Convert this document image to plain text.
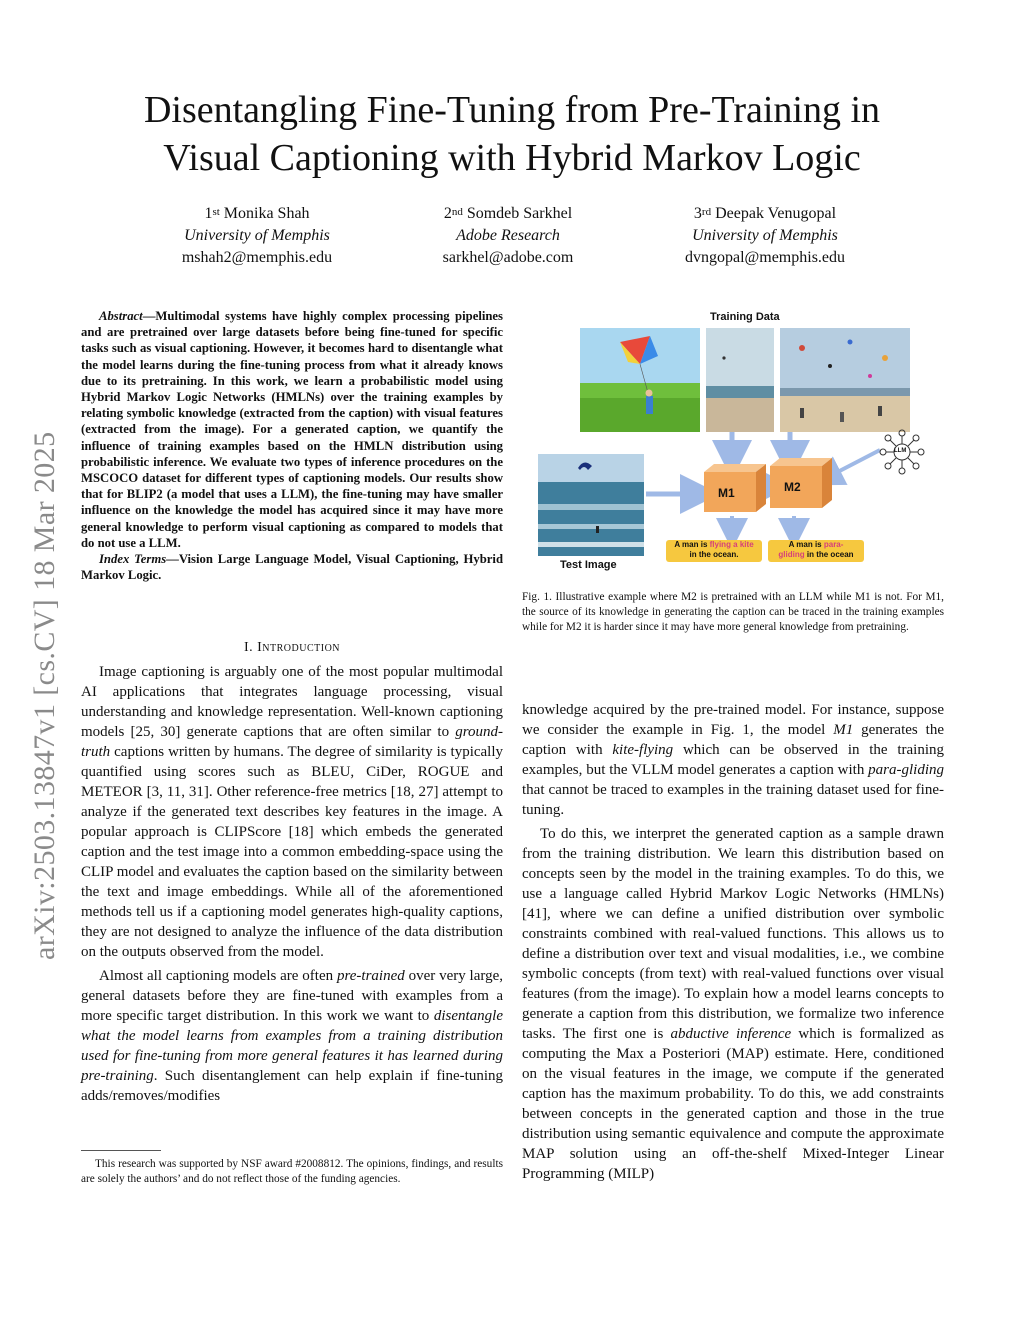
arXiv:2503.13847v1 [cs.CV] 18 Mar 2025
Disentangling Fine-Tuning from Pre-Training in
Visual Captioning with Hybrid Markov Logic
1st Monika Shah
University of Memphis
mshah2@memphis.edu
2nd Somdeb Sarkhel
Adobe Research
sarkhel@adobe.com
3rd Deepak Venugopal
University of Memphis
dvngopal@memphis.edu

Abstract—Multimodal systems have highly complex processing pipelines and are pretrained over large datasets before being fine-tuned for specific tasks such as visual captioning. However, it becomes hard to disentangle what the model learns during the fine-tuning process from what it already knows due to its pretraining. In this work, we learn a probabilistic model using Hybrid Markov Logic Networks (HMLNs) over the training examples by relating symbolic knowledge (extracted from the caption) with visual features (extracted from the image). For a generated caption, we quantify the influence of training examples based on the HMLN distribution using probabilistic inference. We evaluate two types of inference procedures on the MSCOCO dataset for different types of captioning models. Our results show that for BLIP2 (a model that uses a LLM), the fine-tuning may have smaller influence on the knowledge the model has acquired since it may have more general knowledge to perform visual captioning as compared to models that do not use a LLM.

Index Terms—Vision Large Language Model, Visual Captioning, Hybrid Markov Logic.

I. Introduction

Image captioning is arguably one of the most popular multimodal AI applications that integrates language processing, visual understanding and knowledge representation. Well-known captioning models [25, 30] generate captions that are often similar to ground-truth captions written by humans. The degree of similarity is typically quantified using scores such as BLEU, CiDer, ROGUE and METEOR [3, 11, 31]. Other reference-free metrics [18, 27] attempt to analyze if the generated text describes key features in the image. A popular approach is CLIPScore [18] which embeds the generated caption and the test image into a common embedding-space using the CLIP model and evaluates the caption based on the similarity between the text and image embeddings. While all of the aforementioned methods tell us if a captioning model generates high-quality captions, they are not designed to analyze the influence of the data distribution on the outputs observed from the model.

Almost all captioning models are often pre-trained over very large, general datasets before they are fine-tuned with examples from a more specific target distribution. In this work we want to disentangle what the model learns from examples from a training distribution used for fine-tuning from more general features it has learned during pre-training. Such disentanglement can help explain if fine-tuning adds/removes/modifies

This research was supported by NSF award #2008812. The opinions, findings, and results are solely the authors’ and do not reflect those of the funding agencies.
Training Data
Test Image
M1	M2
LLM
A man is flying a kite
in the ocean.
A man is para-
gliding in the ocean
Fig. 1. Illustrative example where M2 is pretrained with an LLM while M1 is not. For M1, the source of its knowledge in generating the caption can be traced in the training examples while for M2 it is harder since it may have more general knowledge from pretraining.

knowledge acquired by the pre-trained model. For instance, suppose we consider the example in Fig. 1, the model M1 generates the caption with kite-flying which can be observed in the training examples, but the VLLM model generates a caption with para-gliding that cannot be traced to examples in the training dataset used for fine-tuning.

To do this, we interpret the generated caption as a sample drawn from the training distribution. We learn this distribution based on concepts seen by the model in the training examples. To do this, we use a language called Hybrid Markov Logic Networks (HMLNs) [41], where we can define a unified distribution over symbolic constraints combined with real-valued functions. This allows us to define a distribution over text and visual modalities, i.e., we combine symbolic concepts (from text) with real-valued functions over visual features (from the image). To explain how a model learns concepts to generate a caption from this distribution, we formalize two inference tasks. The first one is abductive inference which is formalized as computing the Max a Posteriori (MAP) estimate. Here, conditioned on the visual features in the image, we compute if the generated caption has the maximum probability. To do this, we add constraints between concepts in the generated caption and those in the true distribution using semantic equivalence and compute the approximate MAP solution using an off-the-shelf Mixed-Integer Linear Programming (MILP)
